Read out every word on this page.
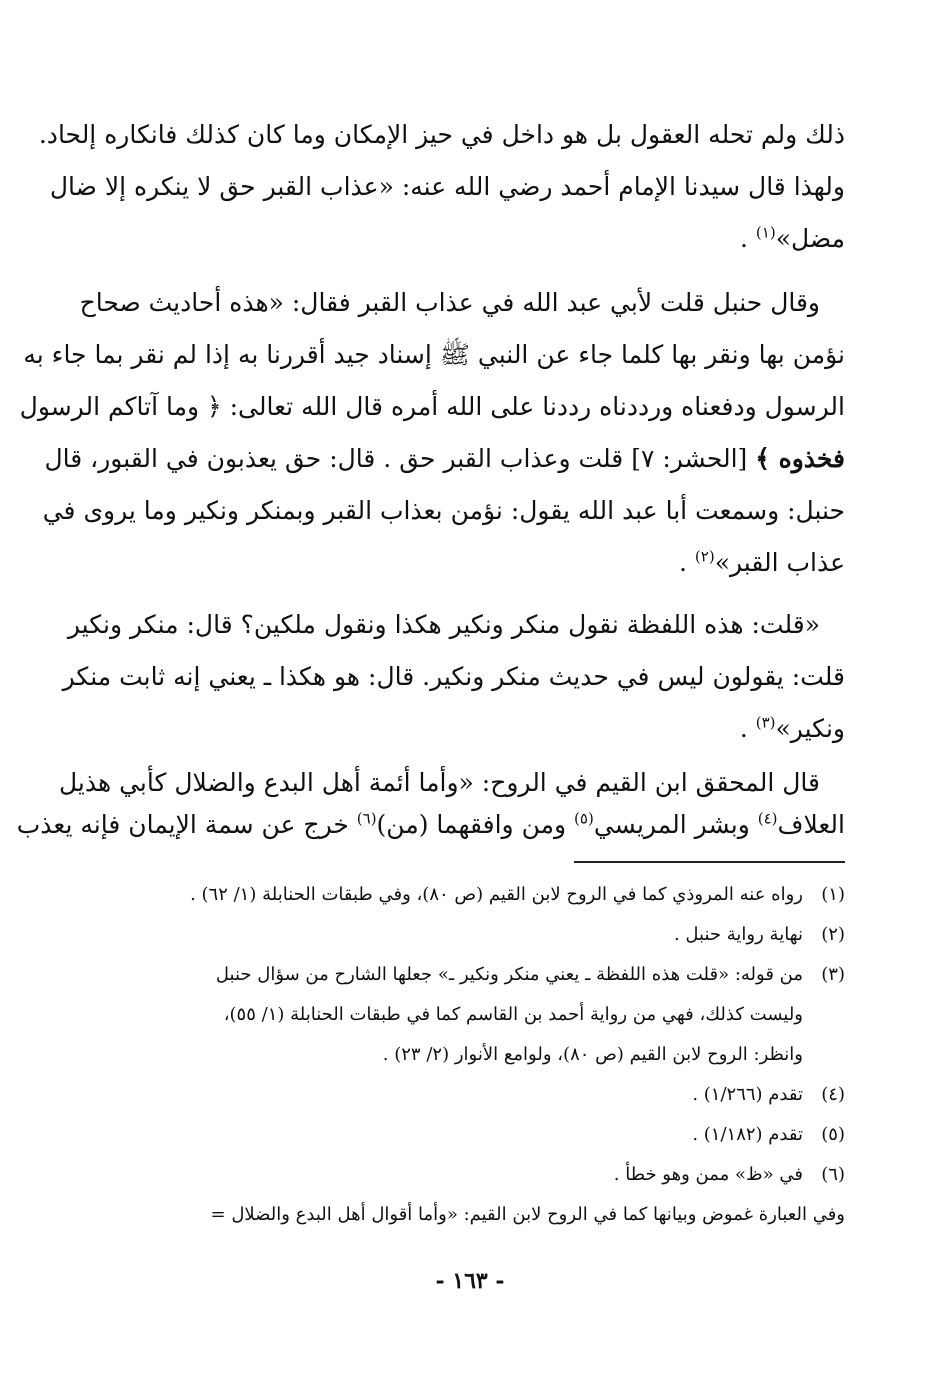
ذلك ولم تحله العقول بل هو داخل في حيز الإمكان وما كان كذلك فانكاره إلحاد.
ولهذا قال سيدنا الإمام أحمد رضي الله عنه: «عذاب القبر حق لا ينكره إلا ضال
مضل»$^{(١)}$ .
وقال حنبل قلت لأبي عبد الله في عذاب القبر فقال: «هذه أحاديث صحاح
نؤمن بها ونقر بها كلما جاء عن النبي ﷺ إسناد جيد أقررنا به إذا لم نقر بما جاء به
الرسول ودفعناه ورددناه رددنا على الله أمره قال الله تعالى: ﴿ وما آتاكم الرسول
فخذوه ﴾ [الحشر: ٧] قلت وعذاب القبر حق . قال: حق يعذبون في القبور، قال
حنبل: وسمعت أبا عبد الله يقول: نؤمن بعذاب القبر وبمنكر ونكير وما يروى في
عذاب القبر»$^{(٢)}$ .
«قلت: هذه اللفظة نقول منكر ونكير هكذا ونقول ملكين؟ قال: منكر ونكير
قلت: يقولون ليس في حديث منكر ونكير. قال: هو هكذا ـ يعني إنه ثابت منكر
ونكير»$^{(٣)}$ .
قال المحقق ابن القيم في الروح: «وأما أئمة أهل البدع والضلال كأبي هذيل
العلاف$^{(٤)}$ وبشر المريسي$^{(٥)}$ ومن وافقهما (من)$^{(٦)}$ خرج عن سمة الإيمان فإنه يعذب
(١)رواه عنه المروذي كما في الروح لابن القيم (ص ٨٠)، وفي طبقات الحنابلة (١/ ٦٢) .
(٢)نهاية رواية حنبل .
(٣)من قوله: «قلت هذه اللفظة ـ يعني منكر ونكير ـ» جعلها الشارح من سؤال حنبل
وليست كذلك، فهي من رواية أحمد بن القاسم كما في طبقات الحنابلة (١/ ٥٥)،
وانظر: الروح لابن القيم (ص ٨٠)، ولوامع الأنوار (٢/ ٢٣) .
(٤)تقدم (١/٢٦٦) .
(٥)تقدم (١/١٨٢) .
(٦)في «ظ» ممن وهو خطأ .
وفي العبارة غموض وبيانها كما في الروح لابن القيم: «وأما أقوال أهل البدع والضلال =
- ١٦٣ -
